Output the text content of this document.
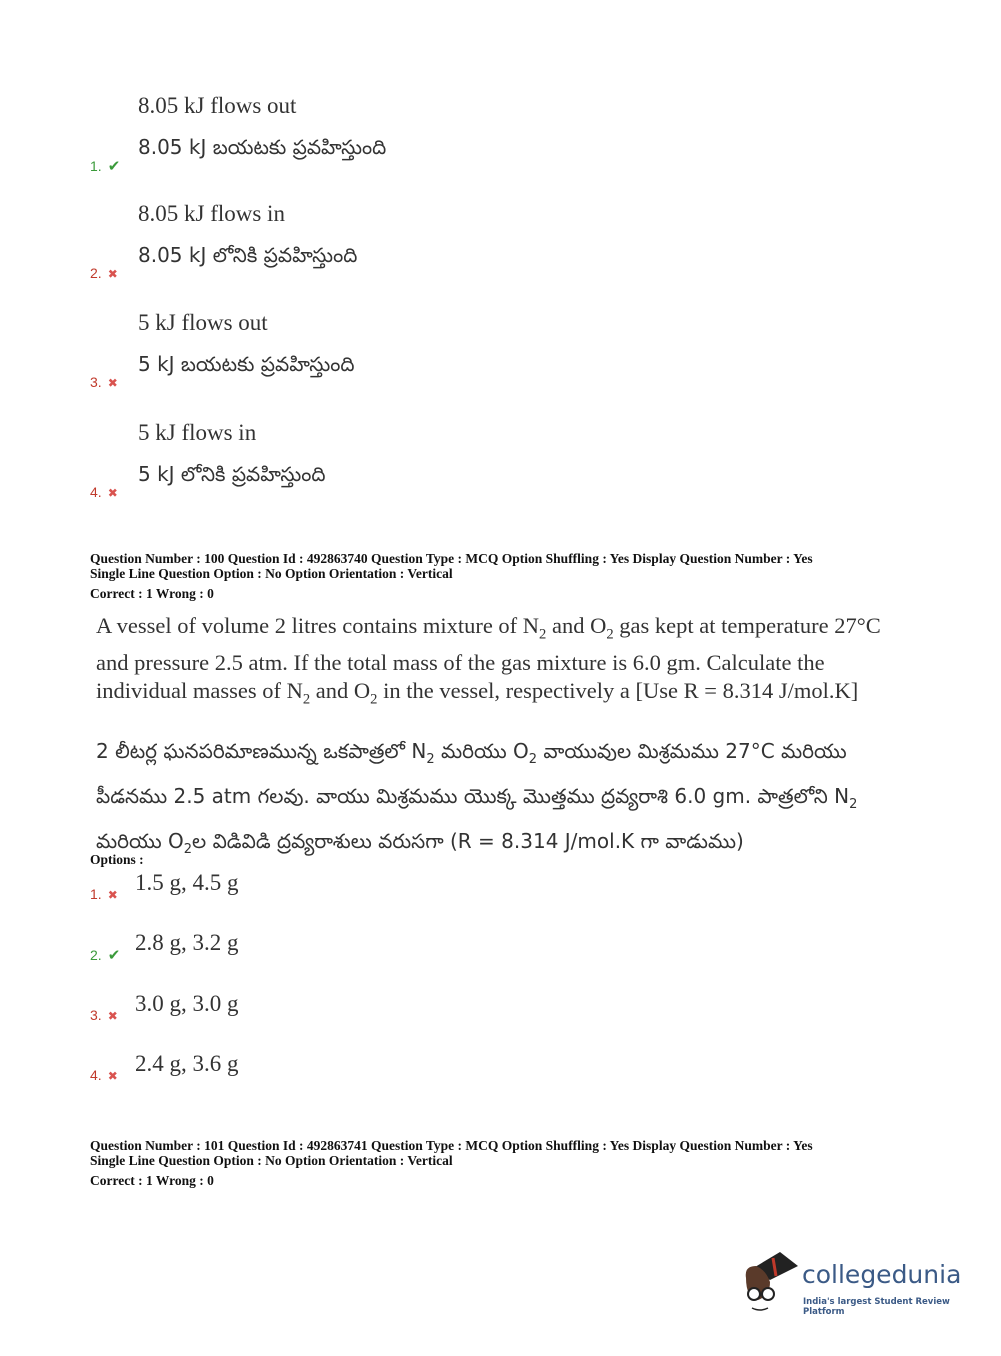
8.05 kJ flows out
8.05 kJ బయటకు ప్రవహిస్తుంది
1. ✔
8.05 kJ flows in
8.05 kJ లోనికి ప్రవహిస్తుంది
2. ✖
5 kJ flows out
5 kJ బయటకు ప్రవహిస్తుంది
3. ✖
5 kJ flows in
5 kJ లోనికి ప్రవహిస్తుంది
4. ✖
Question Number : 100 Question Id : 492863740 Question Type : MCQ Option Shuffling : Yes Display Question Number : Yes
Single Line Question Option : No Option Orientation : Vertical
Correct : 1 Wrong : 0
A vessel of volume 2 litres contains mixture of $N_2$ and $O_2$ gas kept at temperature 27°C and pressure 2.5 atm. If the total mass of the gas mixture is 6.0 gm. Calculate the individual masses of $N_2$ and $O_2$ in the vessel, respectively a [Use R = 8.314 J/mol.K]
2 లీటర్ల ఘనపరిమాణమున్న ఒకపాత్రలో $N_2$ మరియు $O_2$ వాయువుల మిశ్రమము 27°C మరియు పీడనము 2.5 atm గలవు. వాయు మిశ్రమము యొక్క మొత్తము ద్రవ్యరాశి 6.0 gm. పాత్రలోని $N_2$ మరియు $O_2ల$ విడివిడి ద్రవ్యరాశులు వరుసగా (R = 8.314 J/mol.K గా వాడుము)
Options :
1.5 g, 4.5 g
1. ✖
2.8 g, 3.2 g
2. ✔
3.0 g, 3.0 g
3. ✖
2.4 g, 3.6 g
4. ✖
Question Number : 101 Question Id : 492863741 Question Type : MCQ Option Shuffling : Yes Display Question Number : Yes
Single Line Question Option : No Option Orientation : Vertical
Correct : 1 Wrong : 0
collegedunia
India's largest Student Review Platform
